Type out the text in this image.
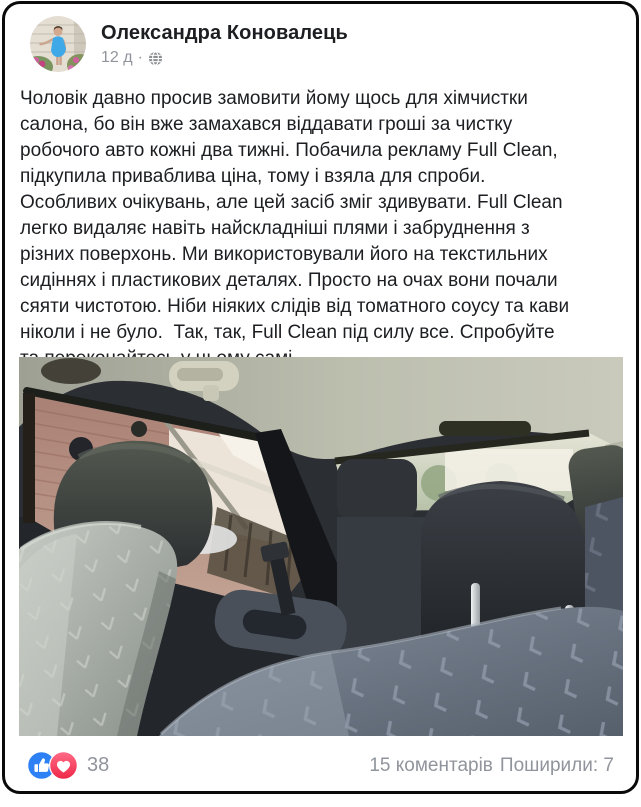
Олександра Коновалець
12 д ·
Чоловік давно просив замовити йому щось для хімчистки
салона, бо він вже замахався віддавати гроші за чистку
робочого авто кожні два тижні. Побачила рекламу Full Clean,
підкупила приваблива ціна, тому і взяла для спроби.
Особливих очікувань, але цей засіб зміг здивувати. Full Clean
легко видаляє навіть найскладніші плями і забруднення з
різних поверхонь. Ми використовували його на текстильних
сидіннях і пластикових деталях. Просто на очах вони почали
сяяти чистотою. Ніби ніяких слідів від томатного соусу та кави
ніколи і не було.  Так, так, Full Clean під силу все. Спробуйте
38	15 коментарів Поширили: 7
